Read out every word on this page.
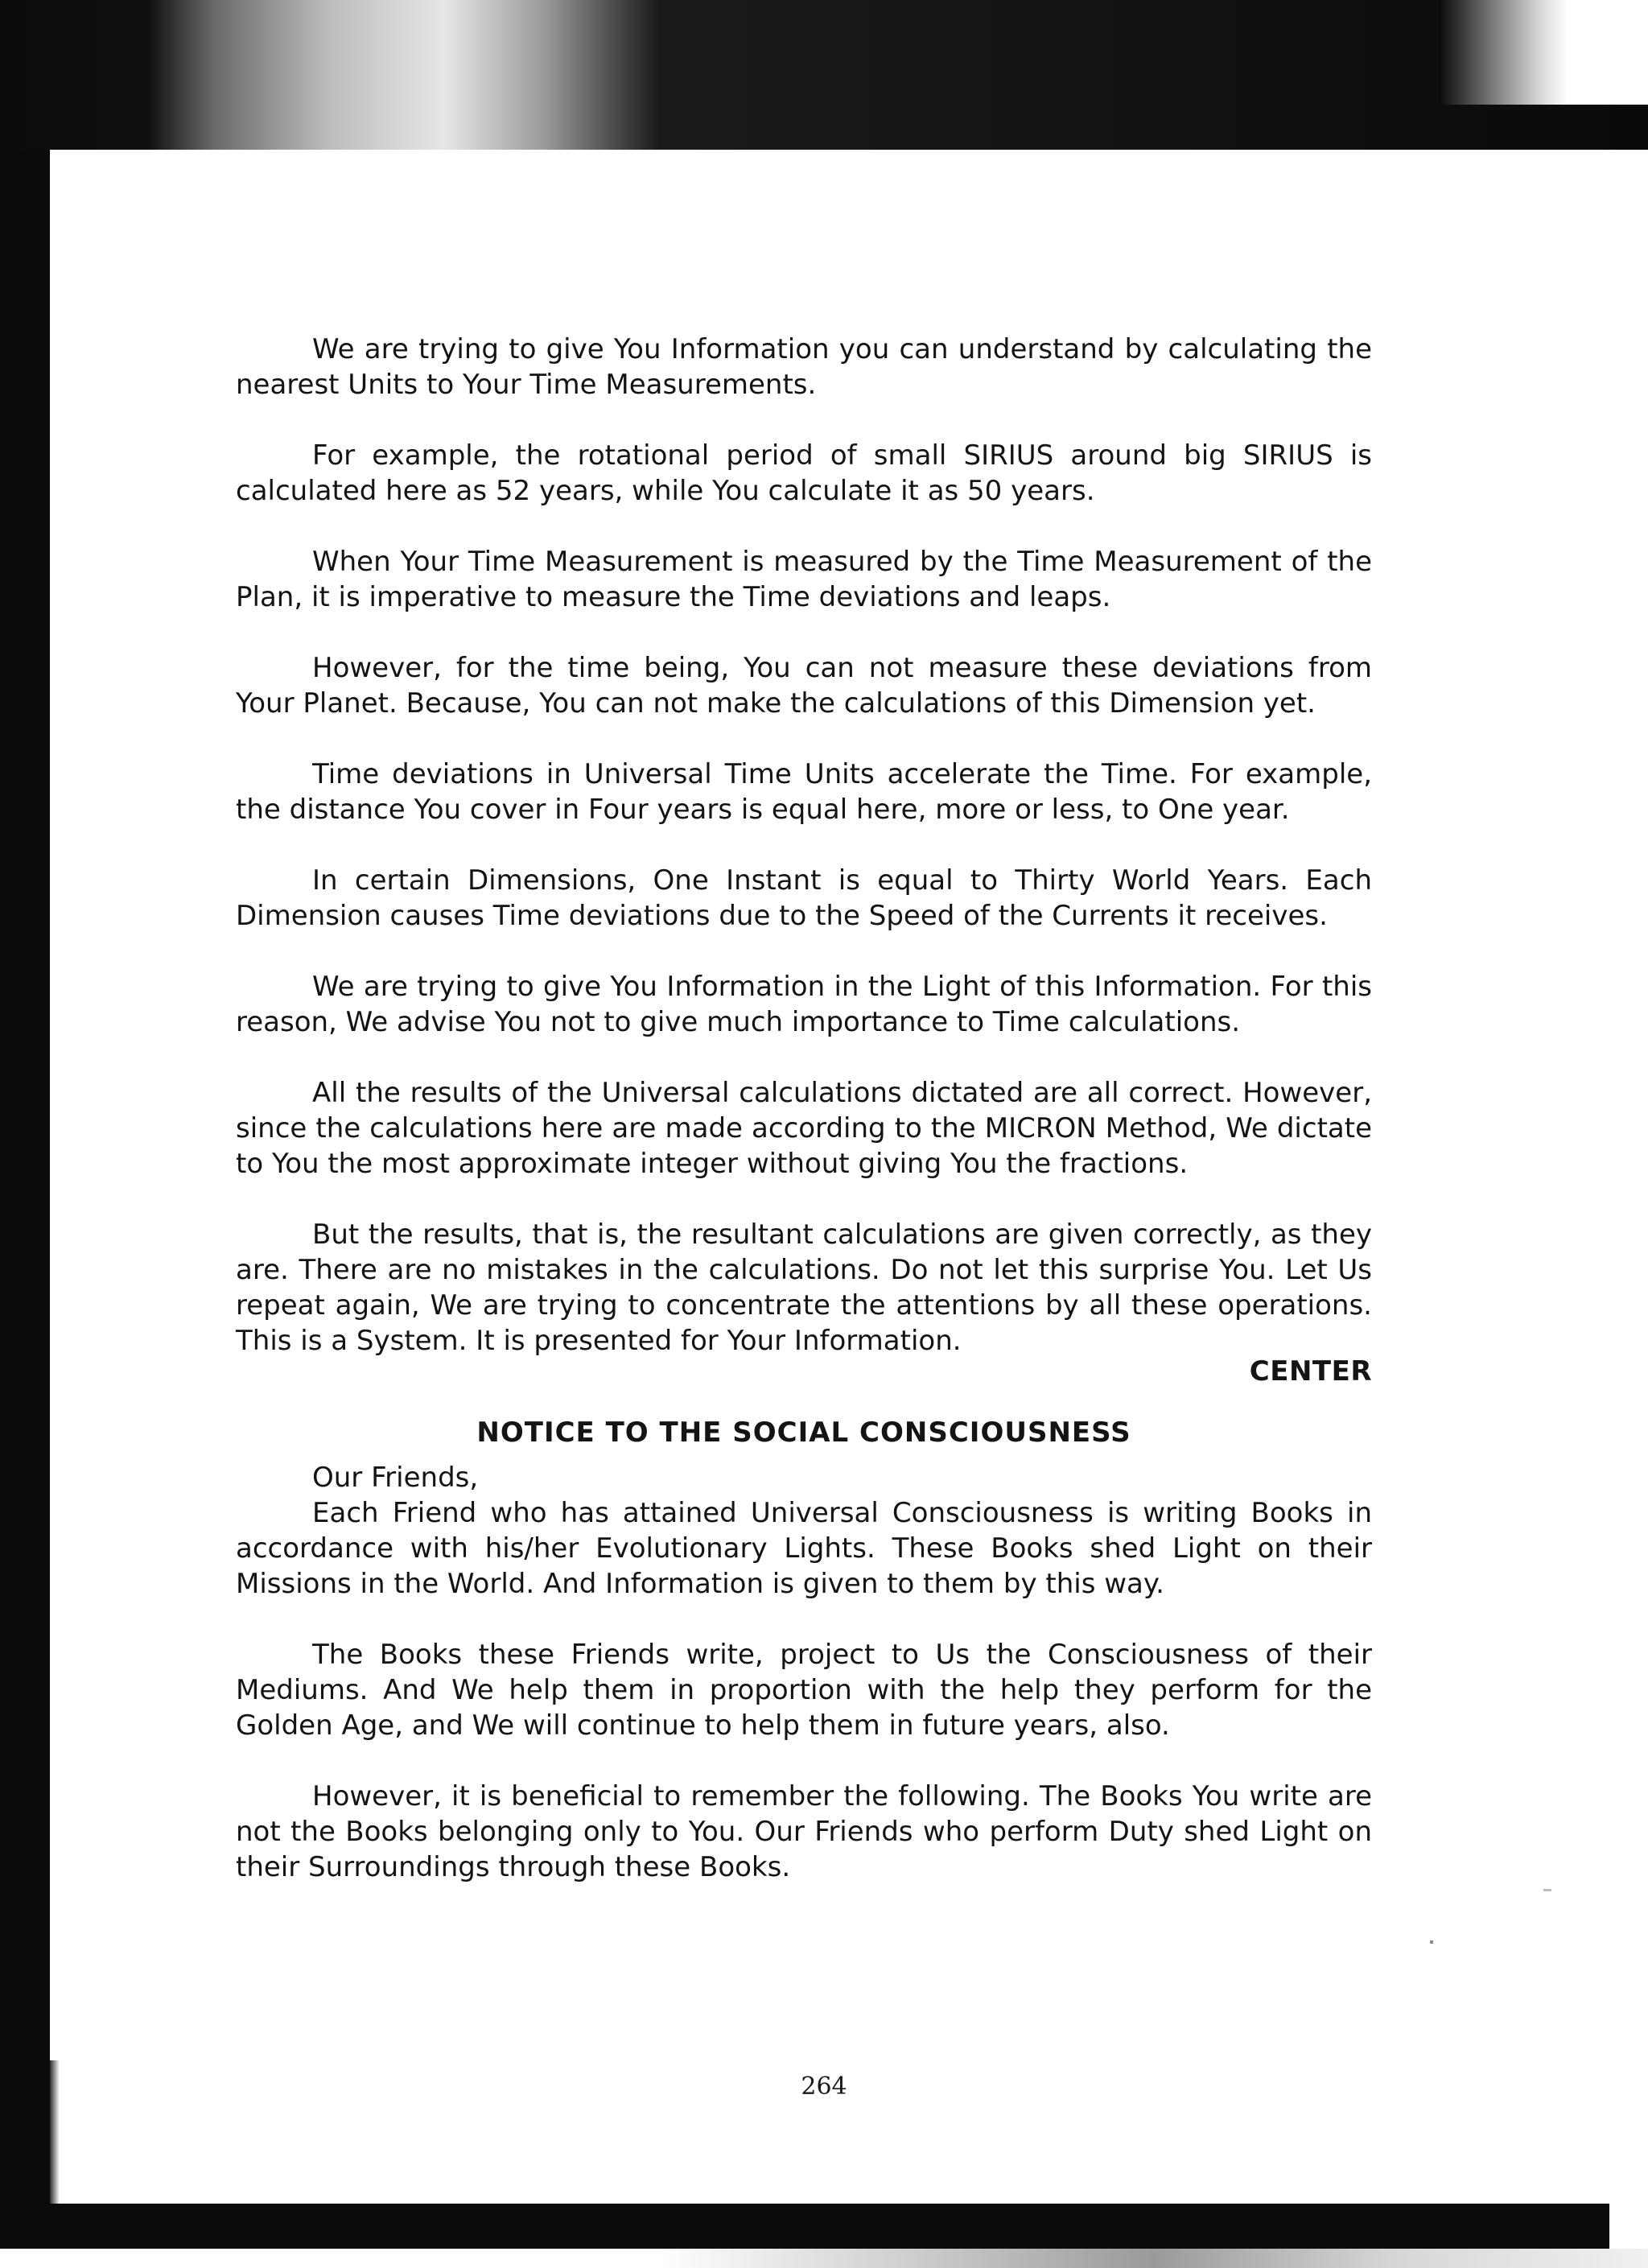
We are trying to give You Information you can understand by calculating the nearest Units to Your Time Measurements.

For example, the rotational period of small SIRIUS around big SIRIUS is calculated here as 52 years, while You calculate it as 50 years.

When Your Time Measurement is measured by the Time Measurement of the Plan, it is imperative to measure the Time deviations and leaps.

However, for the time being, You can not measure these deviations from Your Planet. Because, You can not make the calculations of this Dimension yet.

Time deviations in Universal Time Units accelerate the Time. For example, the distance You cover in Four years is equal here, more or less, to One year.

In certain Dimensions, One Instant is equal to Thirty World Years. Each Dimension causes Time deviations due to the Speed of the Currents it receives.

We are trying to give You Information in the Light of this Information. For this reason, We advise You not to give much importance to Time calculations.

All the results of the Universal calculations dictated are all correct. However, since the calculations here are made according to the MICRON Method, We dictate to You the most approximate integer without giving You the fractions.

But the results, that is, the resultant calculations are given correctly, as they are. There are no mistakes in the calculations. Do not let this surprise You. Let Us repeat again, We are trying to concentrate the attentions by all these operations. This is a System. It is presented for Your Information.

CENTER
NOTICE TO THE SOCIAL CONSCIOUSNESS

Our Friends,

Each Friend who has attained Universal Consciousness is writing Books in accordance with his/her Evolutionary Lights. These Books shed Light on their Missions in the World. And Information is given to them by this way.

The Books these Friends write, project to Us the Consciousness of their Mediums. And We help them in proportion with the help they perform for the Golden Age, and We will continue to help them in future years, also.

However, it is beneficial to remember the following. The Books You write are not the Books belonging only to You. Our Friends who perform Duty shed Light on their Surroundings through these Books.

264
